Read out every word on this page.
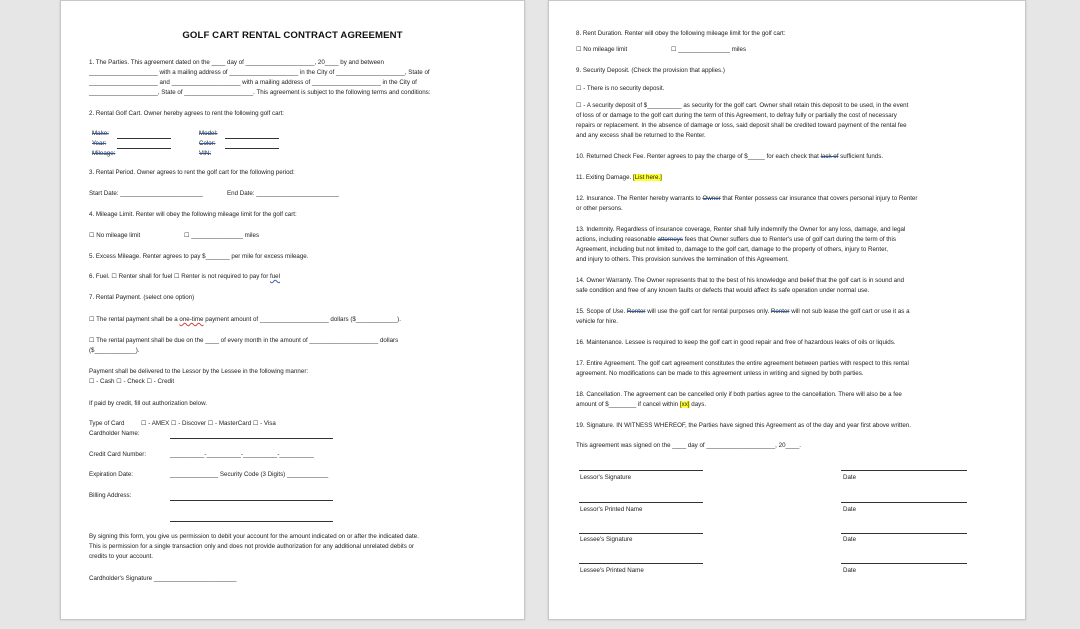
GOLF CART RENTAL CONTRACT AGREEMENT
1. The Parties. This agreement dated on the ____ day of ____________________, 20____ by and between
____________________ with a mailing address of ____________________ in the City of ____________________, State of
____________________ and ____________________ with a mailing address of ____________________ in the City of
____________________, State of ____________________. This agreement is subject to the following terms and conditions:
2. Rental Golf Cart. Owner hereby agrees to rent the following golf cart:
Make:	Model:
Year:	Color:
Mileage:	VIN:
3. Rental Period. Owner agrees to rent the golf cart for the following period:
Start Date: ________________________	End Date: ________________________
4. Mileage Limit. Renter will obey the following mileage limit for the golf cart:
☐ No mileage limit	☐ _______________ miles
5. Excess Mileage. Renter agrees to pay $_______ per mile for excess mileage.
6. Fuel. ☐ Renter shall for fuel ☐ Renter is not required to pay for fuel
7. Rental Payment. (select one option)
☐ The rental payment shall be a one-time payment amount of ____________________ dollars ($____________).
☐ The rental payment shall be due on the ____ of every month in the amount of ____________________ dollars
($____________).
Payment shall be delivered to the Lessor by the Lessee in the following manner:
☐ - Cash ☐ - Check ☐ - Credit
If paid by credit, fill out authorization below.
Type of Card	☐ - AMEX ☐ - Discover ☐ - MasterCard ☐ - Visa
Cardholder Name:
Credit Card Number:	__________-__________-__________-__________
Expiration Date:	______________ Security Code (3 Digits) ____________
Billing Address:
By signing this form, you give us permission to debit your account for the amount indicated on or after the indicated date.
This is permission for a single transaction only and does not provide authorization for any additional unrelated debits or
credits to your account.
Cardholder's Signature ________________________
8. Rent Duration. Renter will obey the following mileage limit for the golf cart:
☐ No mileage limit	☐ _______________ miles
9. Security Deposit. (Check the provision that applies.)
☐ - There is no security deposit.
☐ - A security deposit of $__________ as security for the golf cart. Owner shall retain this deposit to be used, in the event
of loss of or damage to the golf cart during the term of this Agreement, to defray fully or partially the cost of necessary
repairs or replacement. In the absence of damage or loss, said deposit shall be credited toward payment of the rental fee
and any excess shall be returned to the Renter.
10. Returned Check Fee. Renter agrees to pay the charge of $_____ for each check that lack of sufficient funds.
11. Exiting Damage. [List here.]
12. Insurance. The Renter hereby warrants to Owner that Renter possess car insurance that covers personal injury to Renter
or other persons.
13. Indemnity. Regardless of insurance coverage, Renter shall fully indemnify the Owner for any loss, damage, and legal
actions, including reasonable attorneys fees that Owner suffers due to Renter's use of golf cart during the term of this
Agreement, including but not limited to, damage to the golf cart, damage to the property of others, injury to Renter,
and injury to others. This provision survives the termination of this Agreement.
14. Owner Warranty. The Owner represents that to the best of his knowledge and belief that the golf cart is in sound and
safe condition and free of any known faults or defects that would affect its safe operation under normal use.
15. Scope of Use. Renter will use the golf cart for rental purposes only. Renter will not sub lease the golf cart or use it as a
vehicle for hire.
16. Maintenance. Lessee is required to keep the golf cart in good repair and free of hazardous leaks of oils or liquids.
17. Entire Agreement. The golf cart agreement constitutes the entire agreement between parties with respect to this rental
agreement. No modifications can be made to this agreement unless in writing and signed by both parties.
18. Cancellation. The agreement can be cancelled only if both parties agree to the cancellation. There will also be a fee
amount of $________ if cancel within [xx] days.
19. Signature. IN WITNESS WHEREOF, the Parties have signed this Agreement as of the day and year first above written.
This agreement was signed on the ____ day of ____________________, 20____.
Lessor's Signature	Date
Lessor's Printed Name	Date
Lessee's Signature	Date
Lessee's Printed Name	Date
